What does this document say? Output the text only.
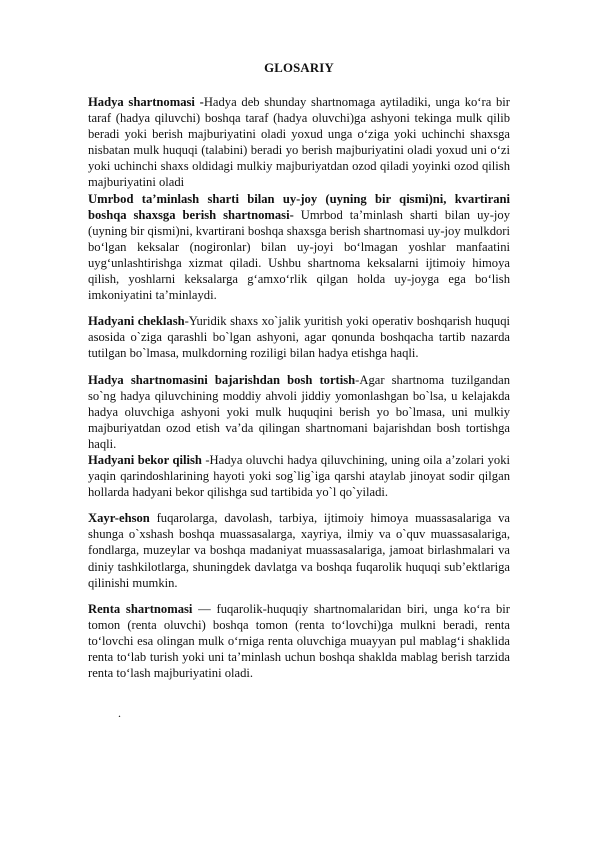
GLOSARIY

Hadya shartnomasi -Hadya deb shunday shartnomaga aytiladiki, unga ko‘ra bir taraf (hadya qiluvchi) boshqa taraf (hadya oluvchi)ga ashyoni tekinga mulk qilib beradi yoki berish majburiyatini oladi yoxud unga o‘ziga yoki uchinchi shaxsga nisbatan mulk huquqi (talabini) beradi yo berish majburiyatini oladi yoxud uni o‘zi yoki uchinchi shaxs oldidagi mulkiy majburiyatdan ozod qiladi yoyinki ozod qilish majburiyatini oladi

Umrbod ta’minlash sharti bilan uy-joy (uyning bir qismi)ni, kvartirani boshqa shaxsga berish shartnomasi- Umrbod ta’minlash sharti bilan uy-joy (uyning bir qismi)ni, kvartirani boshqa shaxsga berish shartnomasi uy-joy mulkdori bo‘lgan keksalar (nogironlar) bilan uy-joyi bo‘lmagan yoshlar manfaatini uyg‘unlashtirishga xizmat qiladi. Ushbu shartnoma keksalarni ijtimoiy himoya qilish, yoshlarni keksalarga g‘amxo‘rlik qilgan holda uy-joyga ega bo‘lish imkoniyatini ta’minlaydi.

Hadyani cheklash-Yuridik shaxs xo`jalik yuritish yoki operativ boshqarish huquqi asosida o`ziga qarashli bo`lgan ashyoni, agar qonunda boshqacha tartib nazarda tutilgan bo`lmasa, mulkdorning roziligi bilan hadya etishga haqli.

Hadya shartnomasini bajarishdan bosh tortish-Agar shartnoma tuzilgandan so`ng hadya qiluvchining moddiy ahvoli jiddiy yomonlashgan bo`lsa, u kelajakda hadya oluvchiga ashyoni yoki mulk huquqini berish yo bo`lmasa, uni mulkiy majburiyatdan ozod etish va’da qilingan shartnomani bajarishdan bosh tortishga haqli.

Hadyani bekor qilish -Hadya oluvchi hadya qiluvchining, uning oila a’zolari yoki yaqin qarindoshlarining hayoti yoki sog`lig`iga qarshi ataylab jinoyat sodir qilgan hollarda hadyani bekor qilishga sud tartibida yo`l qo`yiladi.

Xayr-ehson fuqarolarga, davolash, tarbiya, ijtimoiy himoya muassasalariga va shunga o`xshash boshqa muassasalarga, xayriya, ilmiy va o`quv muassasalariga, fondlarga, muzeylar va boshqa madaniyat muassasalariga, jamoat birlashmalari va diniy tashkilotlarga, shuningdek davlatga va boshqa fuqarolik huquqi sub’ektlariga qilinishi mumkin.

Renta shartnomasi — fuqarolik-huquqiy shartnomalaridan biri, unga ko‘ra bir tomon (renta oluvchi) boshqa tomon (renta to‘lovchi)ga mulkni beradi, renta to‘lovchi esa olingan mulk o‘rniga renta oluvchiga muayyan pul mablag‘i shaklida renta to‘lab turish yoki uni ta’minlash uchun boshqa shaklda mablag berish tarzida renta to‘lash majburiyatini oladi.

.
